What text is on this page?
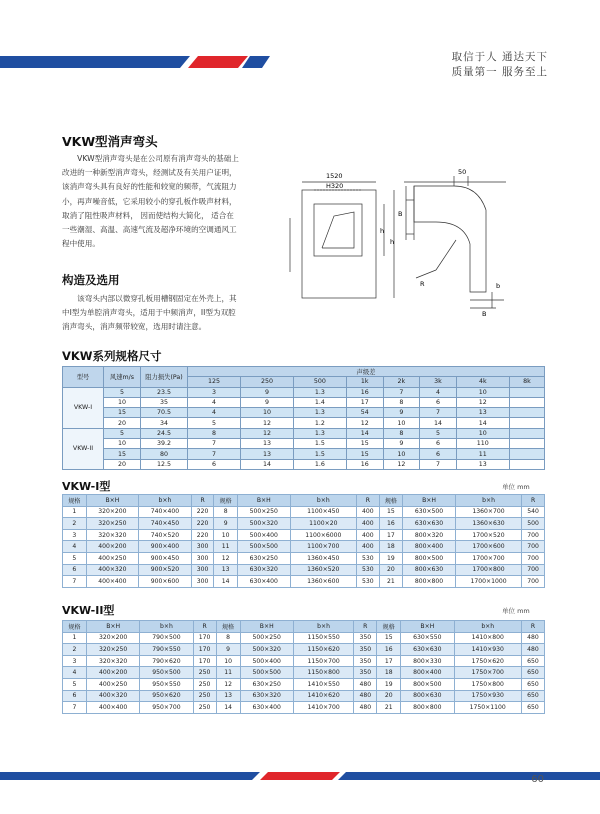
取信于人 通达天下
质量第一 服务至上
VKW型消声弯头
　　VKW型消声弯头是在公司原有消声弯头的基础上
改进的一种新型消声弯头，经测试及有关用户证明，
该消声弯头具有良好的性能和较宽的频带，气流阻力
小，再声噪音低，它采用较小的穿孔板作吸声材料，
取消了阻性吸声材料， 因而使结构大简化， 适合在
一些潮湿、高温、高速气流及超净环境的空调通风工
程中使用。
构造及选用
　　该弯头内部以微穿孔板用槽钢固定在外壳上，其
中I型为单腔消声弯头，适用于中频消声，II型为双腔
消声弯头，消声频带较宽，选用时请注意。
1520
H320
h
h
50
B
R
B
b
VKW系列规格尺寸
型号	风速m/s	阻力损失(Pa)	声级差							
			125	250	500	1k	2k	3k	4k	8k
VKW-I	5	23.5	3	9	1.3	16	7	4	10	
	10	35	4	9	1.4	17	8	6	12	
	15	70.5	4	10	1.3	54	9	7	13	
	20	34	5	12	1.2	12	10	14	14	
VKW-II	5	24.5	8	12	1.3	14	8	5	10	
	10	39.2	7	13	1.5	15	9	6	110	
	15	80	7	13	1.5	15	10	6	11	
	20	12.5	6	14	1.6	16	12	7	13	
VKW-I型	单位 mm
规格	B×H	b×h	R	规格	B×H	b×h	R	规格	B×H	b×h	R
1	320×200	740×400	220	8	500×250	1100×450	400	15	630×500	1360×700	540
2	320×250	740×450	220	9	500×320	1100×20	400	16	630×630	1360×630	500
3	320×320	740×520	220	10	500×400	1100×6000	400	17	800×320	1700×520	700
4	400×200	900×400	300	11	500×500	1100×700	400	18	800×400	1700×600	700
5	400×250	900×450	300	12	630×250	1360×450	530	19	800×500	1700×700	700
6	400×320	900×520	300	13	630×320	1360×520	530	20	800×630	1700×800	700
7	400×400	900×600	300	14	630×400	1360×600	530	21	800×800	1700×1000	700
VKW-II型	单位 mm
规格	B×H	b×h	R	规格	B×H	b×h	R	规格	B×H	b×h	R
1	320×200	790×500	170	8	500×250	1150×550	350	15	630×550	1410×800	480
2	320×250	790×550	170	9	500×320	1150×620	350	16	630×630	1410×930	480
3	320×320	790×620	170	10	500×400	1150×700	350	17	800×330	1750×620	650
4	400×200	950×500	250	11	500×500	1150×800	350	18	800×400	1750×700	650
5	400×250	950×550	250	12	630×250	1410×550	480	19	800×500	1750×800	650
6	400×320	950×620	250	13	630×320	1410×620	480	20	800×630	1750×930	650
7	400×400	950×700	250	14	630×400	1410×700	480	21	800×800	1750×1100	650
60
